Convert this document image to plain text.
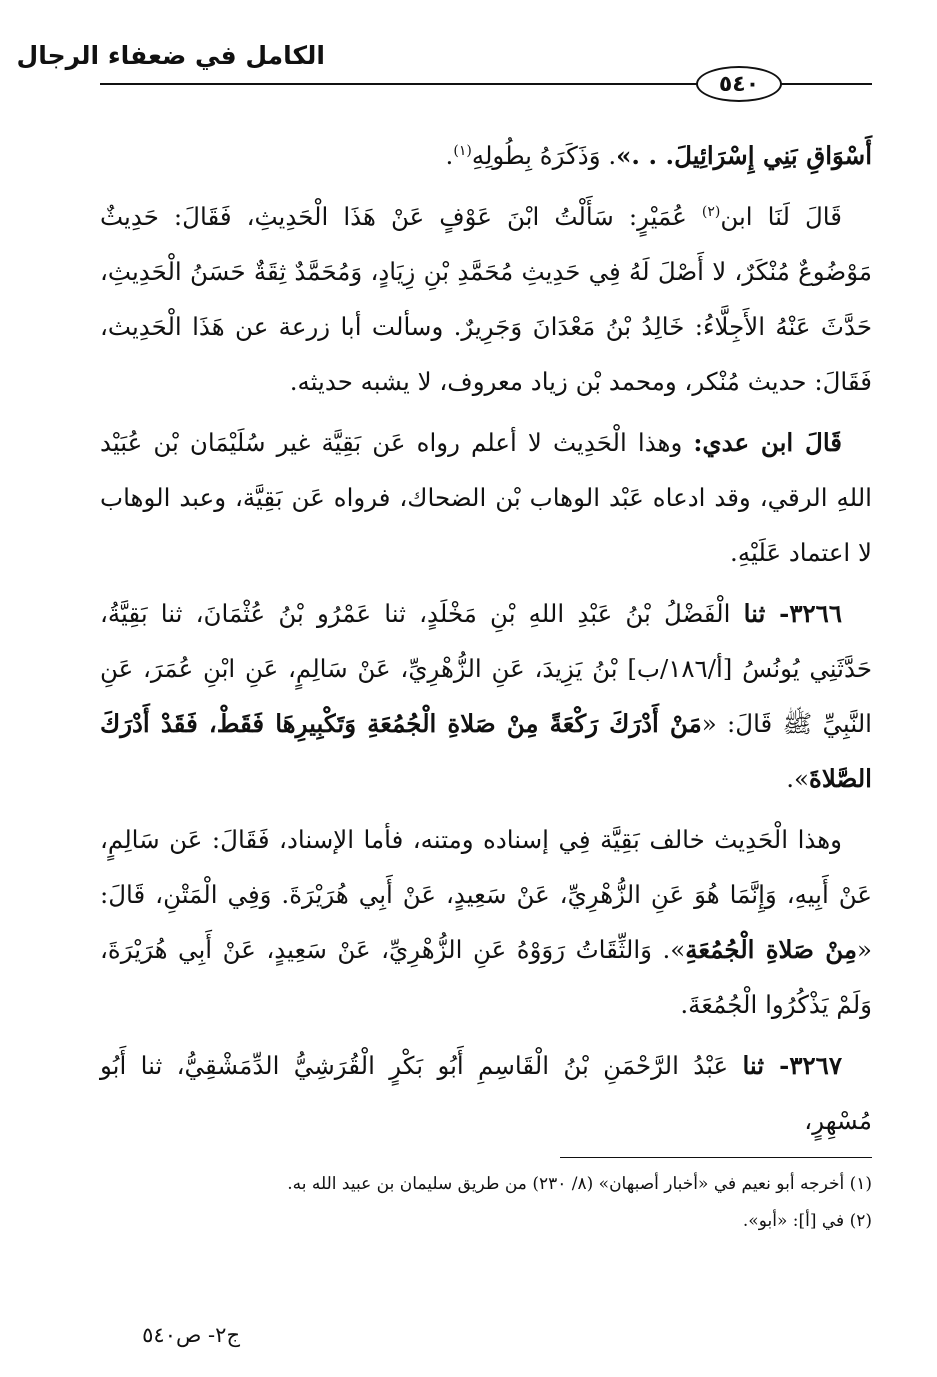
الكامل في ضعفاء الرجال
٥٤٠

أَسْوَاقِ بَنِي إِسْرَائِيلَ. . .». وَذَكَرَهُ بِطُولِهِ$^{(١)}$.

قَالَ لَنَا ابن$^{(٢)}$ عُمَيْرٍ: سَأَلْتُ ابْنَ عَوْفٍ عَنْ هَذَا الْحَدِيثِ، فَقَالَ: حَدِيثٌ مَوْضُوعٌ مُنْكَرٌ، لا أَصْلَ لَهُ فِي حَدِيثِ مُحَمَّدِ بْنِ زِيَادٍ، وَمُحَمَّدٌ ثِقَةٌ حَسَنُ الْحَدِيثِ، حَدَّثَ عَنْهُ الأَجِلَّاءُ: خَالِدُ بْنُ مَعْدَانَ وَجَرِيرٌ. وسألت أبا زرعة عن هَذَا الْحَدِيث، فَقَالَ: حديث مُنْكر، ومحمد بْن زياد معروف، لا يشبه حديثه.

قَالَ ابن عدي: وهذا الْحَدِيث لا أعلم رواه عَن بَقِيَّة غير سُلَيْمَان بْن عُبَيْد اللهِ الرقي، وقد ادعاه عَبْد الوهاب بْن الضحاك، فرواه عَن بَقِيَّة، وعبد الوهاب لا اعتماد عَلَيْهِ.

٣٢٦٦- ثنا الْفَضْلُ بْنُ عَبْدِ اللهِ بْنِ مَخْلَدٍ، ثنا عَمْرُو بْنُ عُثْمَانَ، ثنا بَقِيَّةُ، حَدَّثَنِي يُونُسُ [أ/١٨٦/ب] بْنُ يَزِيدَ، عَنِ الزُّهْرِيِّ، عَنْ سَالِمٍ، عَنِ ابْنِ عُمَرَ، عَنِ النَّبِيِّ ﷺ قَالَ: «مَنْ أَدْرَكَ رَكْعَةً مِنْ صَلاةِ الْجُمُعَةِ وَتَكْبِيرِهَا فَقَطْ، فَقَدْ أَدْرَكَ الصَّلاةَ».

وهذا الْحَدِيث خالف بَقِيَّة فِي إسناده ومتنه، فأما الإسناد، فَقَالَ: عَن سَالِمٍ، عَنْ أَبِيهِ، وَإِنَّمَا هُوَ عَنِ الزُّهْرِيِّ، عَنْ سَعِيدٍ، عَنْ أَبِي هُرَيْرَةَ. وَفِي الْمَتْنِ، قَالَ: «مِنْ صَلاةِ الْجُمُعَةِ». وَالثِّقَاتُ رَوَوْهُ عَنِ الزُّهْرِيِّ، عَنْ سَعِيدٍ، عَنْ أَبِي هُرَيْرَةَ، وَلَمْ يَذْكُرُوا الْجُمُعَةَ.

٣٢٦٧- ثنا عَبْدُ الرَّحْمَنِ بْنُ الْقَاسِمِ أَبُو بَكْرٍ الْقُرَشِيُّ الدِّمَشْقِيُّ، ثنا أَبُو مُسْهِرٍ،

(١) أخرجه أبو نعيم في «أخبار أصبهان» (٨/ ٢٣٠) من طريق سليمان بن عبيد الله به.

(٢) في [أ]: «أبو».

ج٢- ص٥٤٠
